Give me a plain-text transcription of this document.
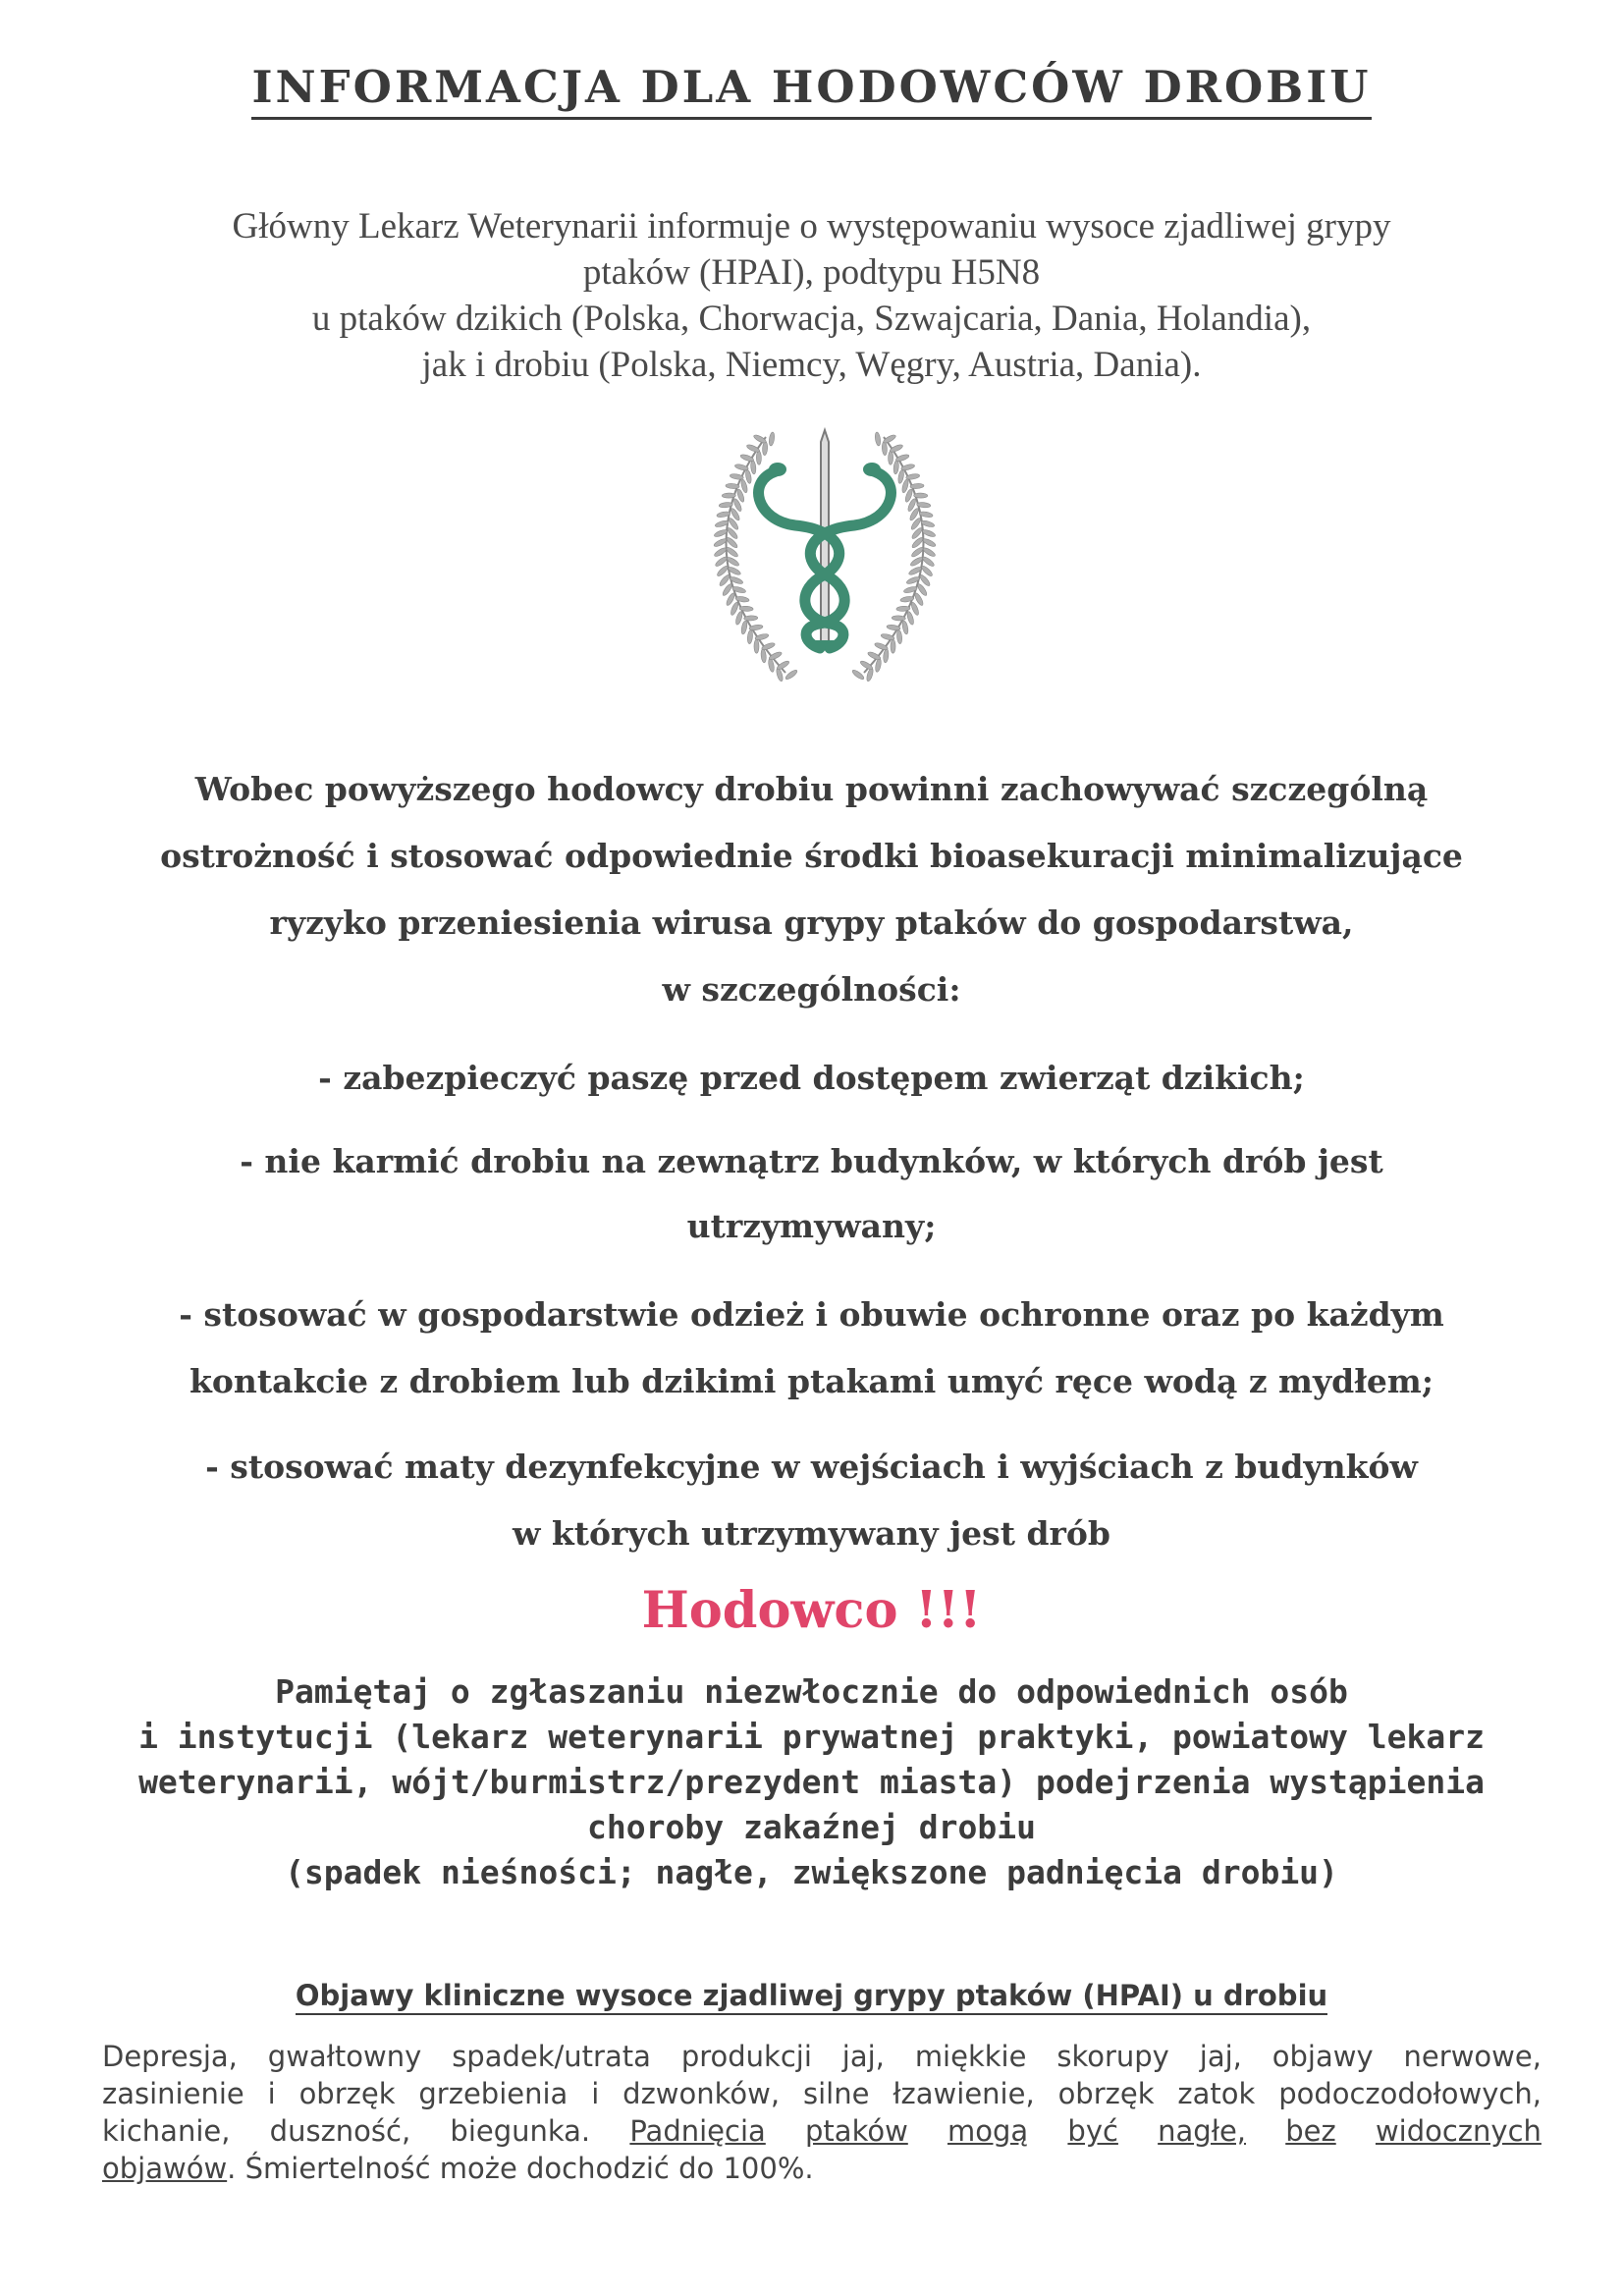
INFORMACJA DLA HODOWCÓW DROBIU
Główny Lekarz Weterynarii informuje o występowaniu wysoce zjadliwej grypy
ptaków (HPAI), podtypu H5N8
u ptaków dzikich (Polska, Chorwacja, Szwajcaria, Dania, Holandia),
jak i drobiu (Polska, Niemcy, Węgry, Austria, Dania).
Wobec powyższego hodowcy drobiu powinni zachowywać szczególną
ostrożność i stosować odpowiednie środki bioasekuracji minimalizujące
ryzyko przeniesienia wirusa grypy ptaków do gospodarstwa,
w szczególności:
- zabezpieczyć paszę przed dostępem zwierząt dzikich;
- nie karmić drobiu na zewnątrz budynków, w których drób jest
utrzymywany;
- stosować w gospodarstwie odzież i obuwie ochronne oraz po każdym
kontakcie z drobiem lub dzikimi ptakami umyć ręce wodą z mydłem;
- stosować maty dezynfekcyjne w wejściach i wyjściach z budynków
w których utrzymywany jest drób
Hodowco !!!
Pamiętaj o zgłaszaniu niezwłocznie do odpowiednich osób
i instytucji (lekarz weterynarii prywatnej praktyki, powiatowy lekarz
weterynarii, wójt/burmistrz/prezydent miasta) podejrzenia wystąpienia
choroby zakaźnej drobiu
(spadek nieśności; nagłe, zwiększone padnięcia drobiu)
Objawy kliniczne wysoce zjadliwej grypy ptaków (HPAI) u drobiu
Depresja, gwałtowny spadek/utrata produkcji jaj, miękkie skorupy jaj, objawy nerwowe,
zasinienie i obrzęk grzebienia i dzwonków, silne łzawienie, obrzęk zatok podoczodołowych,
kichanie, duszność, biegunka. Padnięcia ptaków mogą być nagłe, bez widocznych
objawów . Śmiertelność może dochodzić do 100%.
